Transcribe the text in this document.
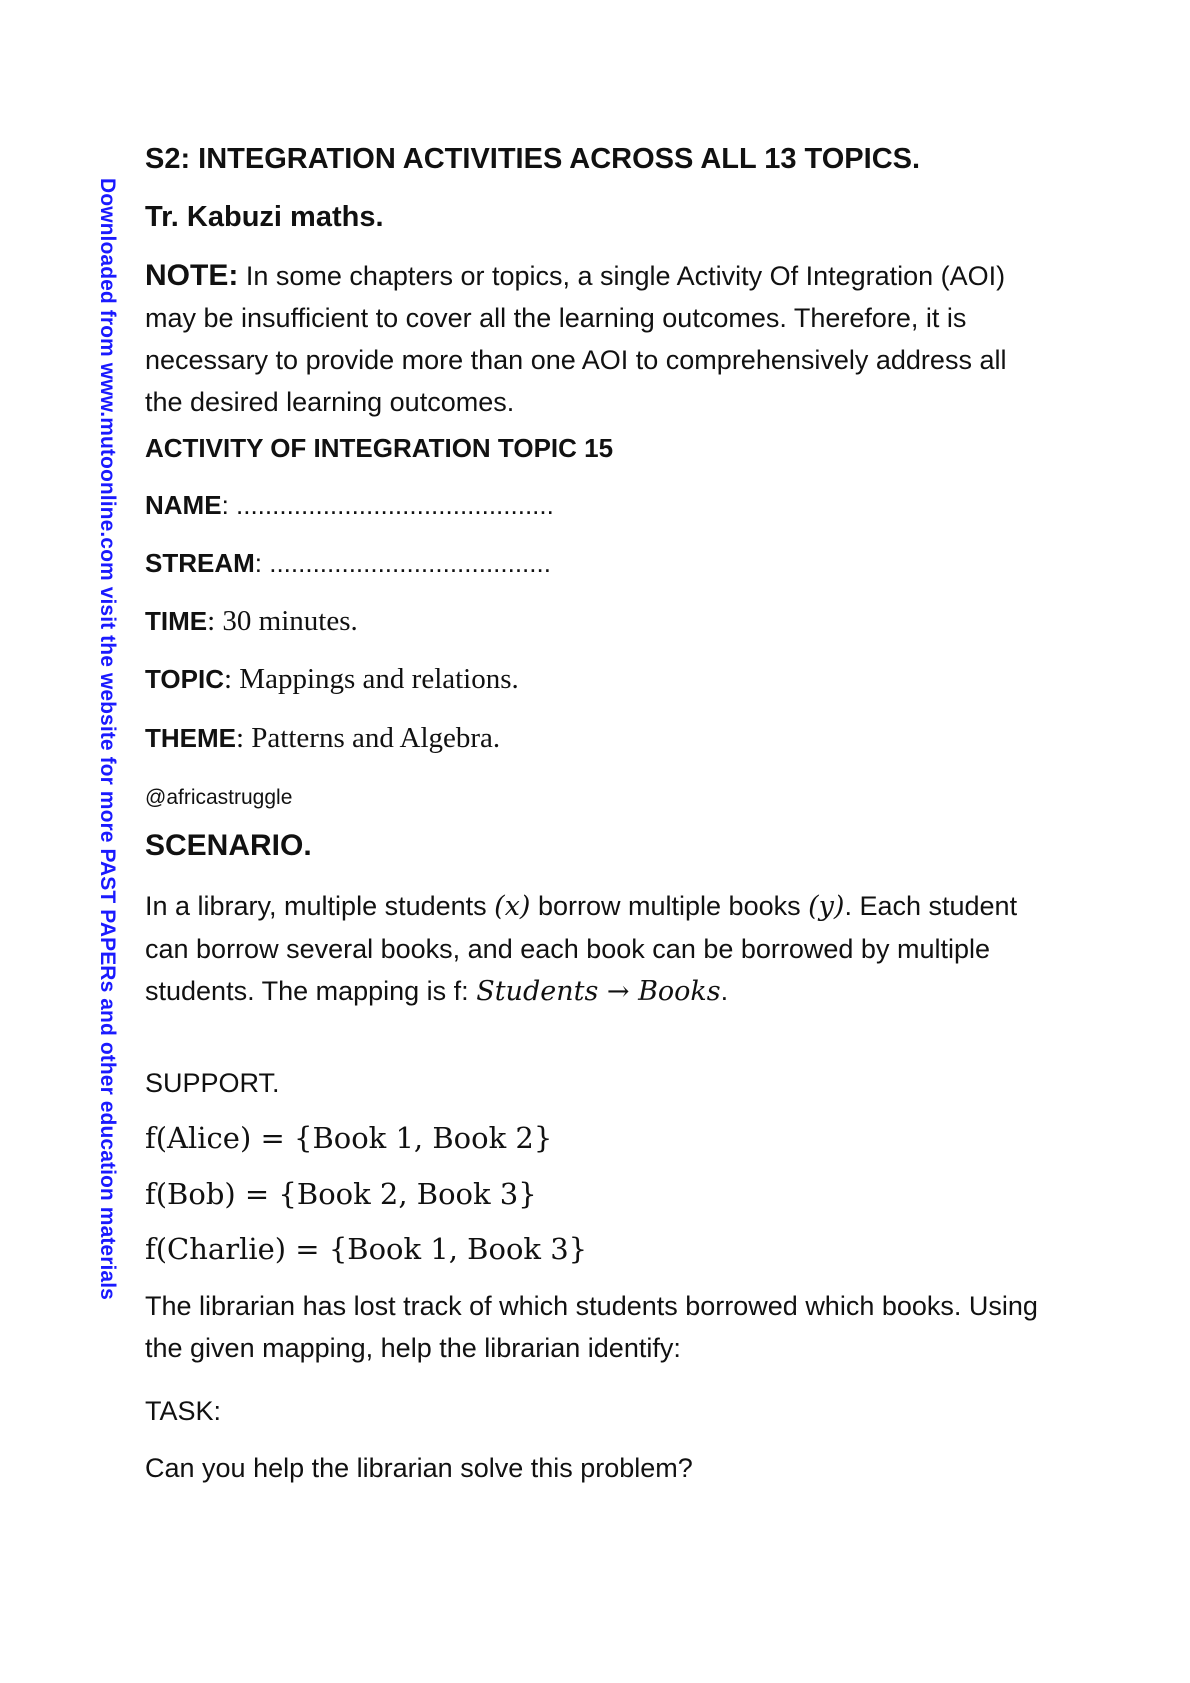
Downloaded from www.mutoonline.com visit the website for more PAST PAPERs and other education materials
S2: INTEGRATION ACTIVITIES ACROSS ALL 13 TOPICS.
Tr. Kabuzi maths.
NOTE: In some chapters or topics, a single Activity Of Integration (AOI) may be insufficient to cover all the learning outcomes. Therefore, it is necessary to provide more than one AOI to comprehensively address all the desired learning outcomes.
ACTIVITY OF INTEGRATION TOPIC 15
NAME: ............................................
STREAM: .......................................
TIME: 30 minutes.
TOPIC: Mappings and relations.
THEME: Patterns and Algebra.
@africastruggle
SCENARIO.
In a library, multiple students (x) borrow multiple books (y). Each student can borrow several books, and each book can be borrowed by multiple students. The mapping is f: Students → Books.
SUPPORT.
f(Alice) = {Book 1, Book 2}
f(Bob) = {Book 2, Book 3}
f(Charlie) = {Book 1, Book 3}
The librarian has lost track of which students borrowed which books. Using the given mapping, help the librarian identify:
TASK:
Can you help the librarian solve this problem?
